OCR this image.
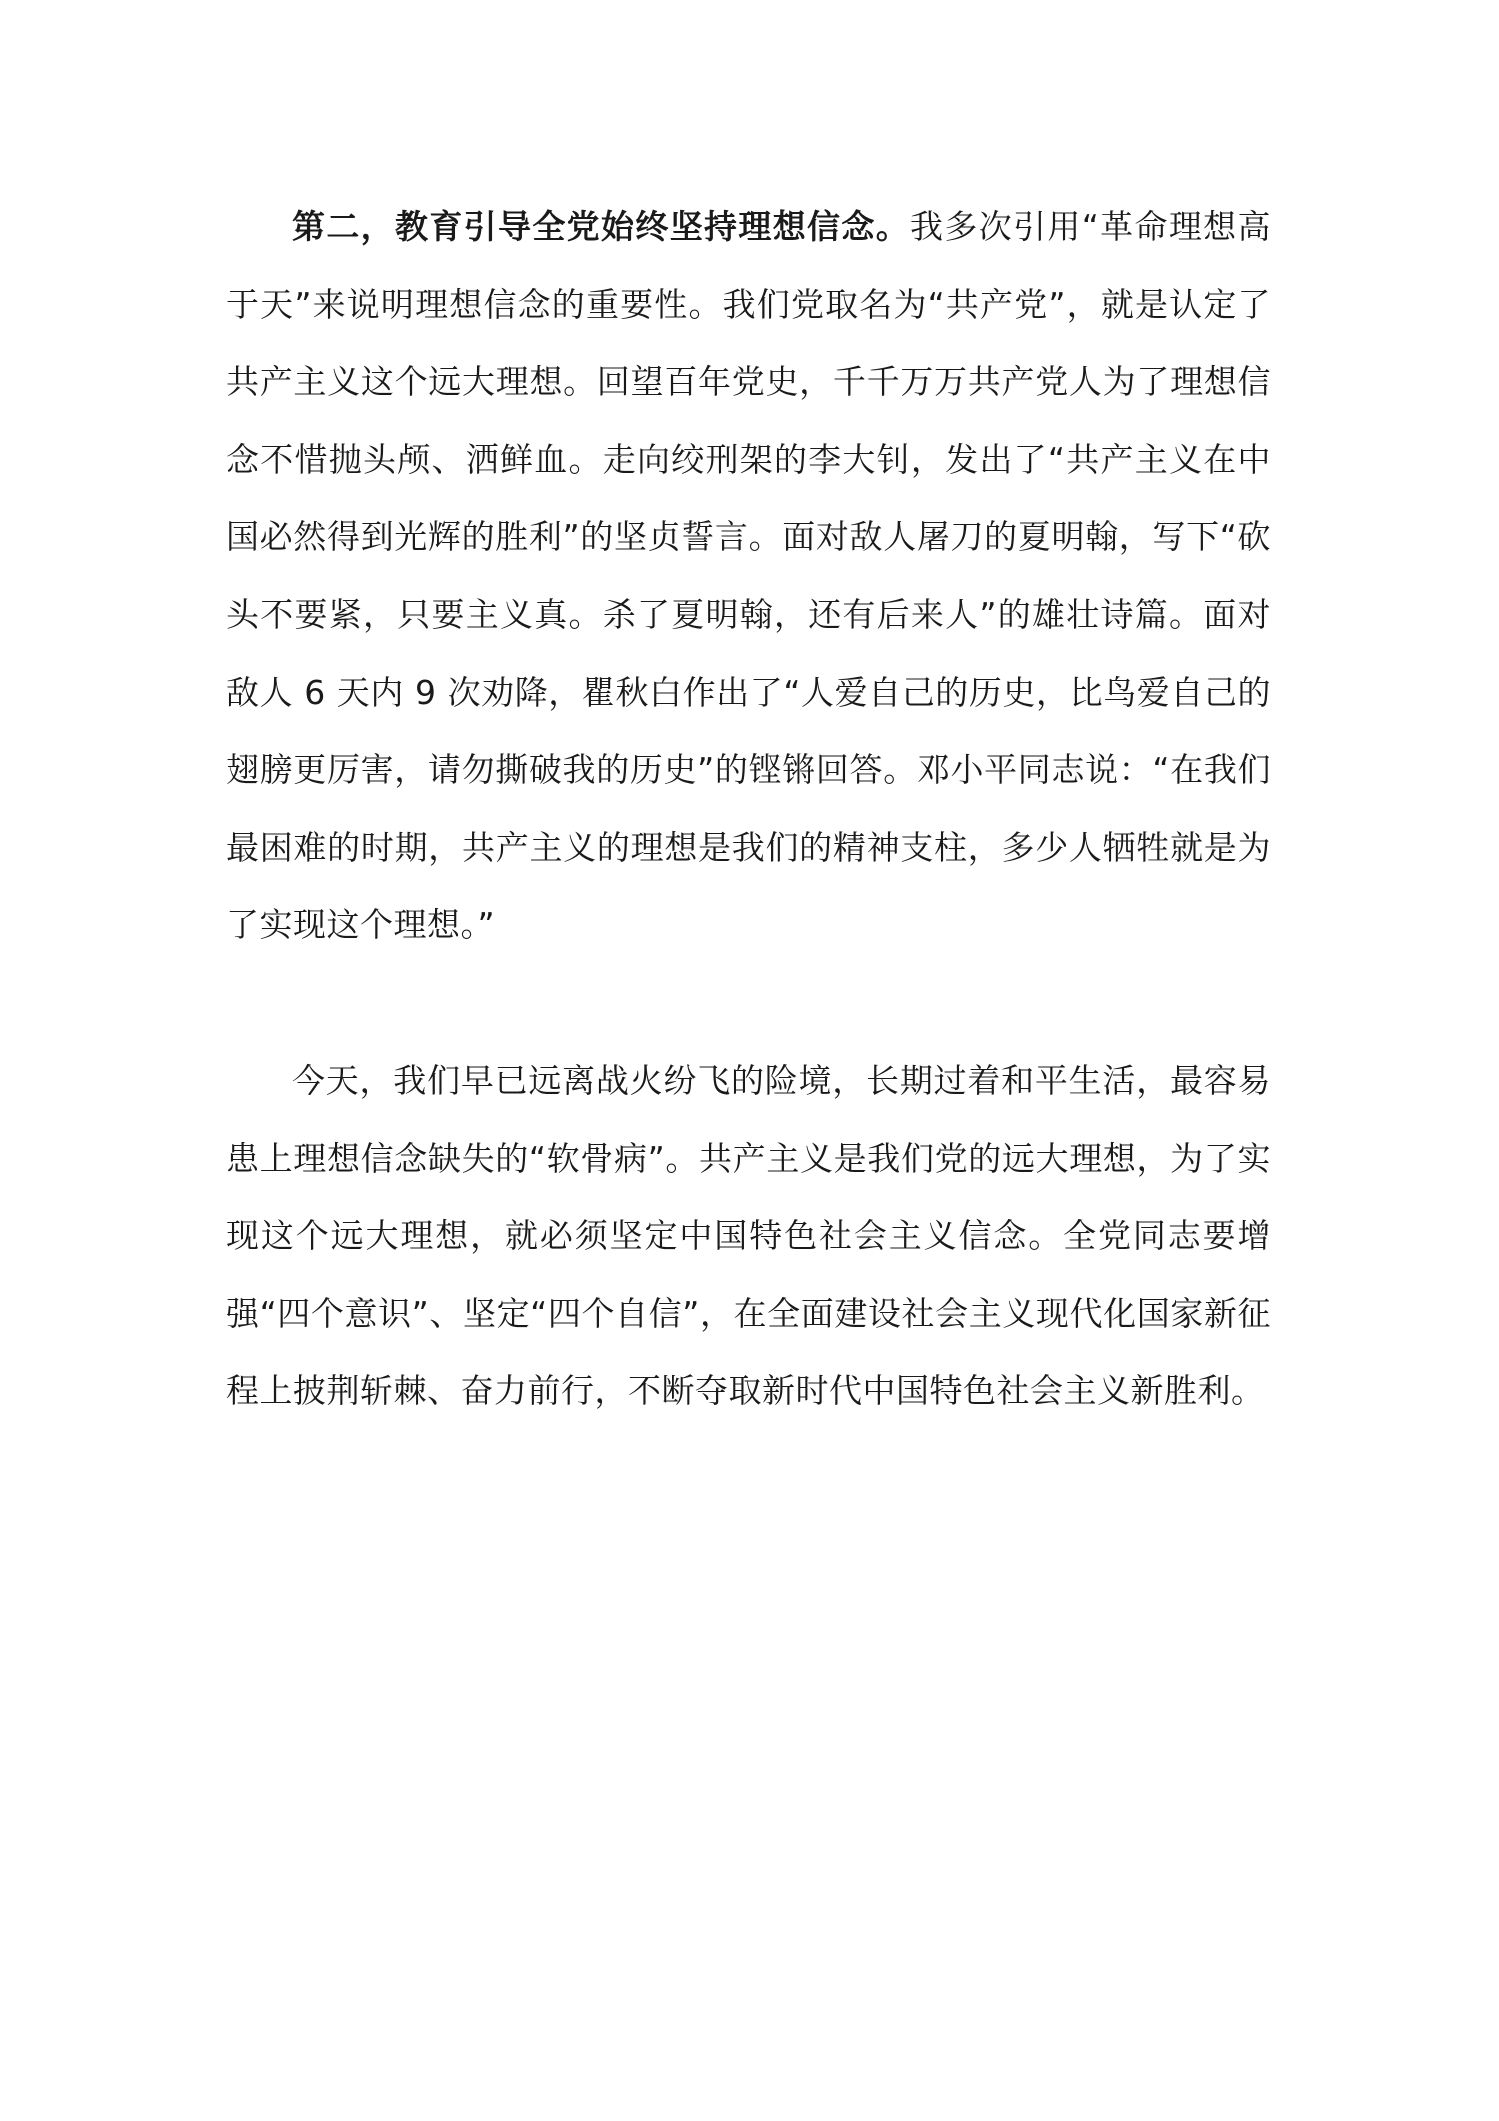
第二，教育引导全党始终坚持理想信念。我多次引用“革命理想高于天”来说明理想信念的重要性。我们党取名为“共产党”，就是认定了共产主义这个远大理想。回望百年党史，千千万万共产党人为了理想信念不惜抛头颅、洒鲜血。走向绞刑架的李大钊，发出了“共产主义在中国必然得到光辉的胜利”的坚贞誓言。面对敌人屠刀的夏明翰，写下“砍头不要紧，只要主义真。杀了夏明翰，还有后来人”的雄壮诗篇。面对敌人 6 天内 9 次劝降，瞿秋白作出了“人爱自己的历史，比鸟爱自己的翅膀更厉害，请勿撕破我的历史”的铿锵回答。邓小平同志说：“在我们最困难的时期，共产主义的理想是我们的精神支柱，多少人牺牲就是为了实现这个理想。”

今天，我们早已远离战火纷飞的险境，长期过着和平生活，最容易患上理想信念缺失的“软骨病”。共产主义是我们党的远大理想，为了实现这个远大理想，就必须坚定中国特色社会主义信念。全党同志要增强“四个意识”、坚定“四个自信”，在全面建设社会主义现代化国家新征程上披荆斩棘、奋力前行，不断夺取新时代中国特色社会主义新胜利。
